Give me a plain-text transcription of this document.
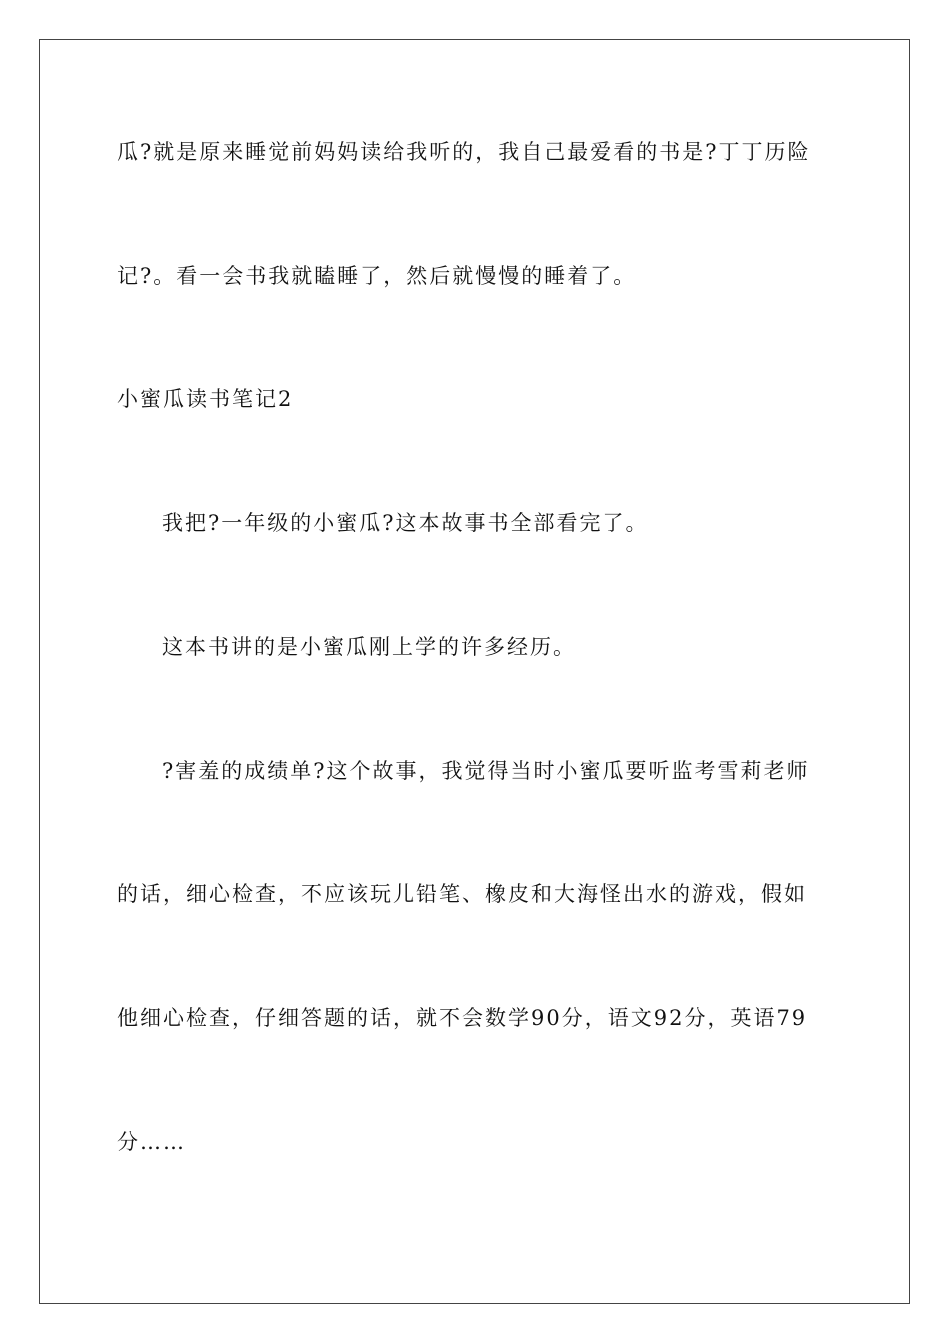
瓜?就是原来睡觉前妈妈读给我听的，我自己最爱看的书是?丁丁历险
记?。看一会书我就瞌睡了，然后就慢慢的睡着了。
小蜜瓜读书笔记2
我把?一年级的小蜜瓜?这本故事书全部看完了。
这本书讲的是小蜜瓜刚上学的许多经历。
?害羞的成绩单?这个故事，我觉得当时小蜜瓜要听监考雪莉老师
的话，细心检查，不应该玩儿铅笔、橡皮和大海怪出水的游戏，假如
他细心检查，仔细答题的话，就不会数学90分，语文92分，英语79
分……
